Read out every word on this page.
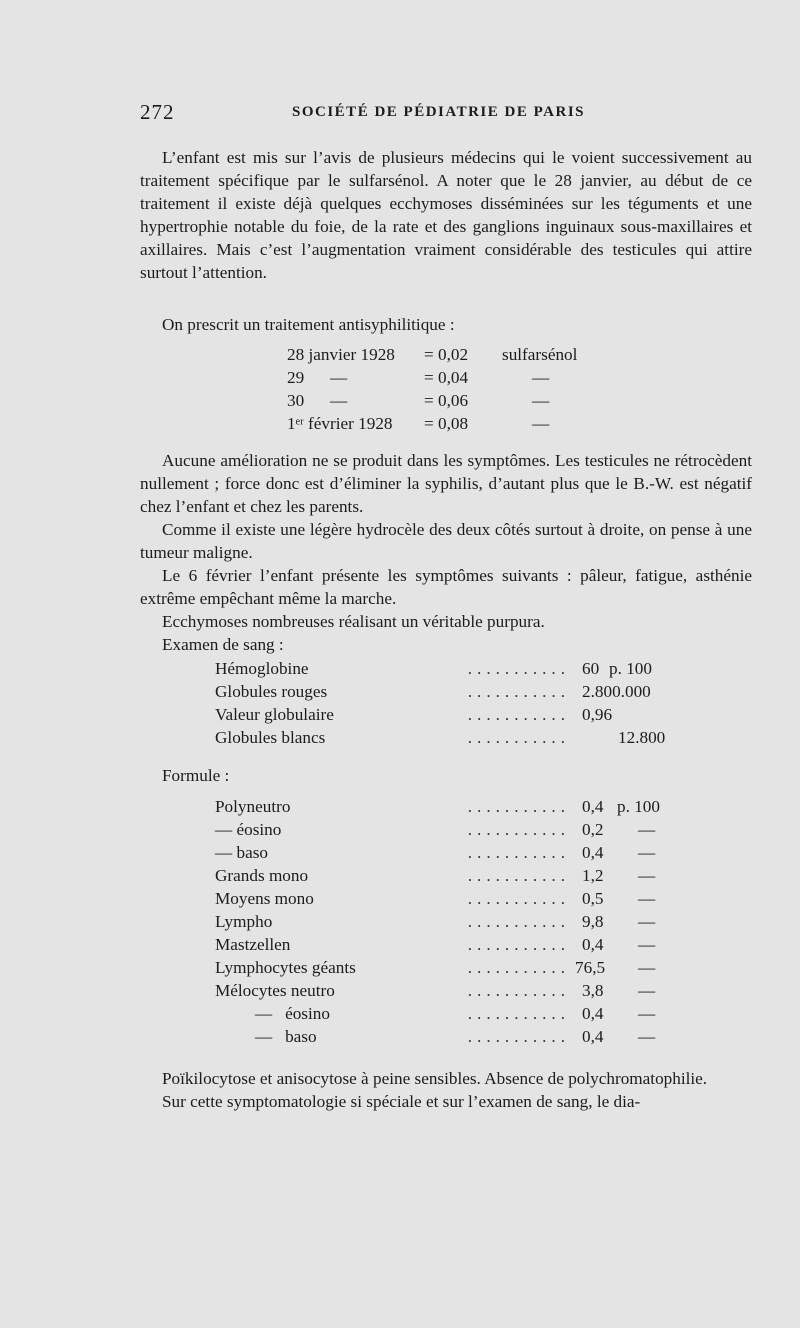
272	SOCIÉTÉ DE PÉDIATRIE DE PARIS

L’enfant est mis sur l’avis de plusieurs médecins qui le voient successivement au traitement spécifique par le sulfarsénol. A noter que le 28 janvier, au début de ce traitement il existe déjà quelques ecchymoses disséminées sur les téguments et une hypertrophie notable du foie, de la rate et des ganglions inguinaux sous-maxillaires et axillaires. Mais c’est l’augmentation vraiment considérable des testicules qui attire surtout l’attention.

On prescrit un traitement antisyphilitique :

28 janvier 1928 = 0,02 sulfarsénol
29      —	= 0,04	—
30      —	= 0,06	—
1ᵉʳ février 1928 = 0,08	—

Aucune amélioration ne se produit dans les symptômes. Les testicules ne rétrocèdent nullement ; force donc est d’éliminer la syphilis, d’autant plus que le B.-W. est négatif chez l’enfant et chez les parents.

Comme il existe une légère hydrocèle des deux côtés surtout à droite, on pense à une tumeur maligne.

Le 6 février l’enfant présente les symptômes suivants : pâleur, fatigue, asthénie extrême empêchant même la marche.

Ecchymoses nombreuses réalisant un véritable purpura.

Examen de sang :

...........
Hémoglobine	60 p. 100
...........
Globules rouges	2.800.000
...........
Valeur globulaire	0,96
...........
Globules blancs	12.800
Formule :
...........
Polyneutro	0,4 p. 100
...........
— éosino	0,2 —
...........
— baso	0,4 —
...........
Grands mono	1,2 —
...........
Moyens mono	0,5 —
...........
Lympho	9,8 —
...........
Mastzellen	0,4 —
...........
Lymphocytes géants	76,5 —
...........
Mélocytes neutro	3,8 —
...........
—   éosino	0,4 —
...........
—   baso	0,4 —

Poïkilocytose et anisocytose à peine sensibles. Absence de polychromatophilie.

Sur cette symptomatologie si spéciale et sur l’examen de sang, le dia-
